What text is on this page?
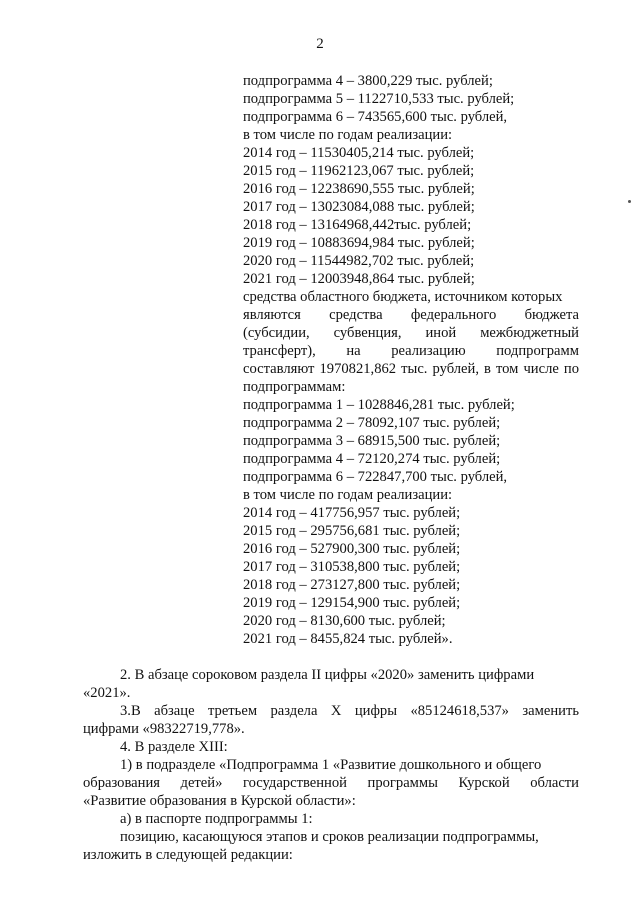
2
подпрограмма 4 – 3800,229 тыс. рублей;
подпрограмма 5 – 1122710,533 тыс. рублей;
подпрограмма 6 – 743565,600 тыс. рублей,
в том числе по годам реализации:
2014 год – 11530405,214 тыс. рублей;
2015 год – 11962123,067 тыс. рублей;
2016 год – 12238690,555 тыс. рублей;
2017 год – 13023084,088 тыс. рублей;
2018 год – 13164968,442тыс. рублей;
2019 год – 10883694,984 тыс. рублей;
2020 год – 11544982,702 тыс. рублей;
2021 год – 12003948,864 тыс. рублей;
средства областного бюджета, источником которых
являются средства федерального бюджета
(субсидии, субвенция, иной межбюджетный
трансферт), на реализацию подпрограмм
составляют 1970821,862 тыс. рублей, в том числе по
подпрограммам:
подпрограмма 1 – 1028846,281 тыс. рублей;
подпрограмма 2 – 78092,107 тыс. рублей;
подпрограмма 3 – 68915,500 тыс. рублей;
подпрограмма 4 – 72120,274 тыс. рублей;
подпрограмма 6 – 722847,700 тыс. рублей,
в том числе по годам реализации:
2014 год – 417756,957 тыс. рублей;
2015 год – 295756,681 тыс. рублей;
2016 год – 527900,300 тыс. рублей;
2017 год – 310538,800 тыс. рублей;
2018 год – 273127,800 тыс. рублей;
2019 год – 129154,900 тыс. рублей;
2020 год – 8130,600 тыс. рублей;
2021 год – 8455,824 тыс. рублей».
2. В абзаце сороковом раздела II цифры «2020» заменить цифрами
«2021».
3.В абзаце третьем раздела X цифры «85124618,537» заменить
цифрами «98322719,778».
4. В разделе XIII:
1) в подразделе «Подпрограмма 1 «Развитие дошкольного и общего
образования детей» государственной программы Курской области
«Развитие образования в Курской области»:
а) в паспорте подпрограммы 1:
позицию, касающуюся этапов и сроков реализации подпрограммы,
изложить в следующей редакции:
